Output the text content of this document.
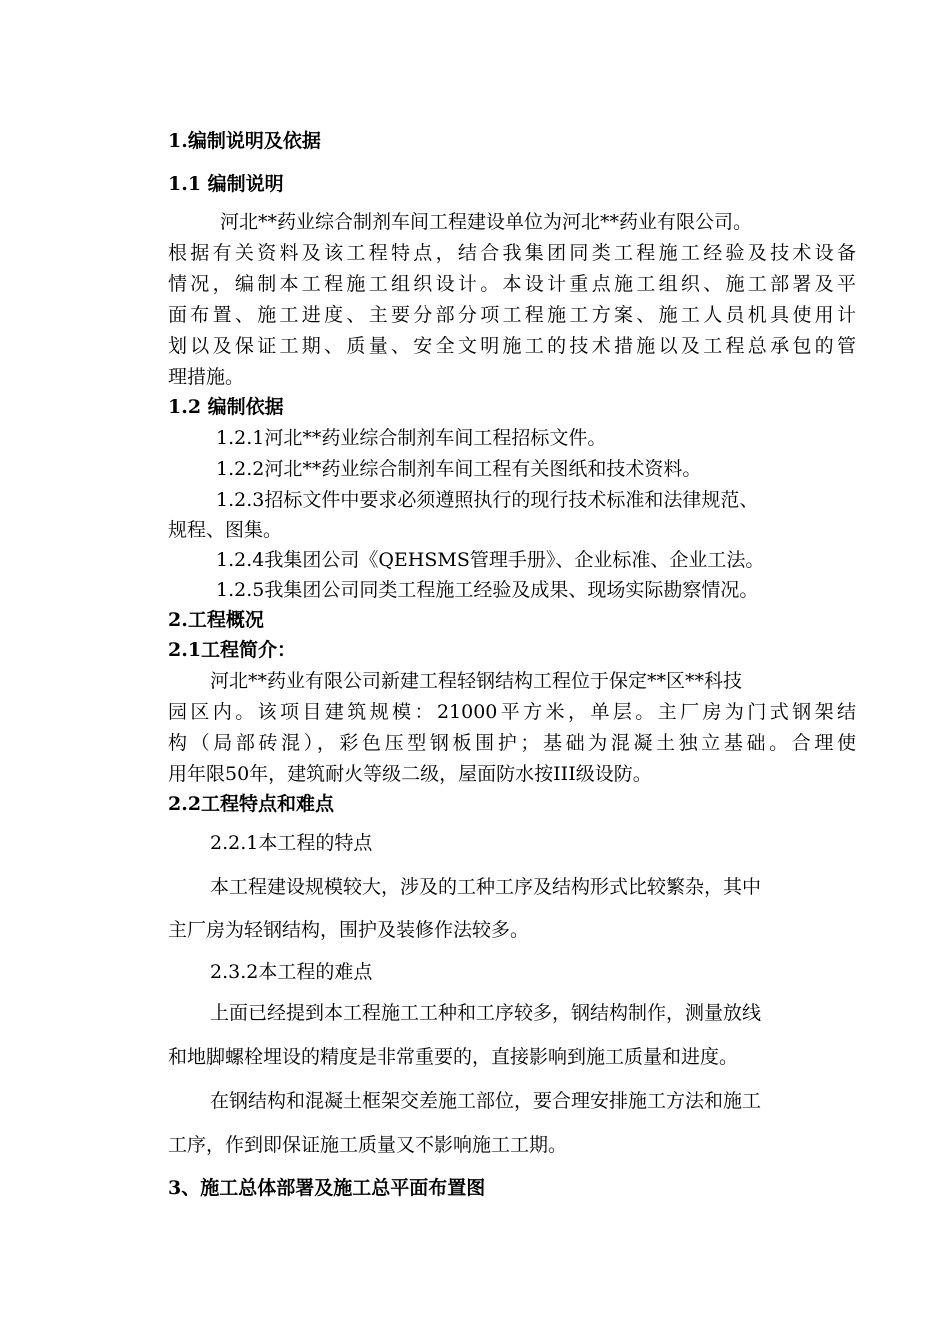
1.编制说明及依据
1.1 编制说明
河北**药业综合制剂车间工程建设单位为河北**药业有限公司。
根据有关资料及该工程特点，结合我集团同类工程施工经验及技术设备
情况，编制本工程施工组织设计。本设计重点施工组织、施工部署及平
面布置、施工进度、主要分部分项工程施工方案、施工人员机具使用计
划以及保证工期、质量、安全文明施工的技术措施以及工程总承包的管
理措施。
1.2 编制依据
1.2.1河北**药业综合制剂车间工程招标文件。
1.2.2河北**药业综合制剂车间工程有关图纸和技术资料。
1.2.3招标文件中要求必须遵照执行的现行技术标准和法律规范、
规程、图集。
1.2.4我集团公司《QEHSMS管理手册》、企业标准、企业工法。
1.2.5我集团公司同类工程施工经验及成果、现场实际勘察情况。
2.工程概况
2.1工程简介：
河北**药业有限公司新建工程轻钢结构工程位于保定**区**科技
园区内。该项目建筑规模：21000平方米，单层。主厂房为门式钢架结
构（局部砖混），彩色压型钢板围护；基础为混凝土独立基础。合理使
用年限50年，建筑耐火等级二级，屋面防水按III级设防。
2.2工程特点和难点
2.2.1本工程的特点
本工程建设规模较大，涉及的工种工序及结构形式比较繁杂，其中
主厂房为轻钢结构，围护及装修作法较多。
2.3.2本工程的难点
上面已经提到本工程施工工种和工序较多，钢结构制作，测量放线
和地脚螺栓埋设的精度是非常重要的，直接影响到施工质量和进度。
在钢结构和混凝土框架交差施工部位，要合理安排施工方法和施工
工序，作到即保证施工质量又不影响施工工期。
3、施工总体部署及施工总平面布置图
